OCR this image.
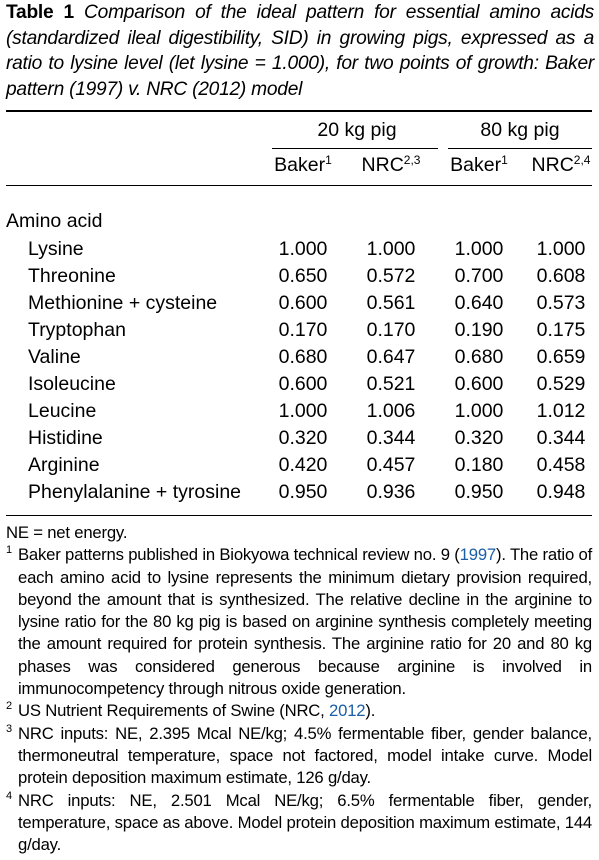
Table 1 Comparison of the ideal pattern for essential amino acids (standardized ileal digestibility, SID) in growing pigs, expressed as a ratio to lysine level (let lysine = 1.000), for two points of growth: Baker pattern (1997) v. NRC (2012) model
20 kg pig	80 kg pig
Baker$^1$	NRC$^{2,3}$	Baker$^1$	NRC$^{2,4}$
Amino acid
Lysine	1.000	1.000	1.000	1.000
Threonine	0.650	0.572	0.700	0.608
Methionine + cysteine	0.600	0.561	0.640	0.573
Tryptophan	0.170	0.170	0.190	0.175
Valine	0.680	0.647	0.680	0.659
Isoleucine	0.600	0.521	0.600	0.529
Leucine	1.000	1.006	1.000	1.012
Histidine	0.320	0.344	0.320	0.344
Arginine	0.420	0.457	0.180	0.458
Phenylalanine + tyrosine	0.950	0.936	0.950	0.948
NE = net energy.
1 Baker patterns published in Biokyowa technical review no. 9 (1997). The ratio of each amino acid to lysine represents the minimum dietary provision required, beyond the amount that is synthesized. The relative decline in the arginine to lysine ratio for the 80 kg pig is based on arginine synthesis completely meeting the amount required for protein synthesis. The arginine ratio for 20 and 80 kg phases was considered generous because arginine is involved in immunocompetency through nitrous oxide generation.
2 US Nutrient Requirements of Swine (NRC, 2012).
3 NRC inputs: NE, 2.395 Mcal NE/kg; 4.5% fermentable fiber, gender balance, thermoneutral temperature, space not factored, model intake curve. Model protein deposition maximum estimate, 126 g/day.
4 NRC inputs: NE, 2.501 Mcal NE/kg; 6.5% fermentable fiber, gender, temperature, space as above. Model protein deposition maximum estimate, 144 g/day.
